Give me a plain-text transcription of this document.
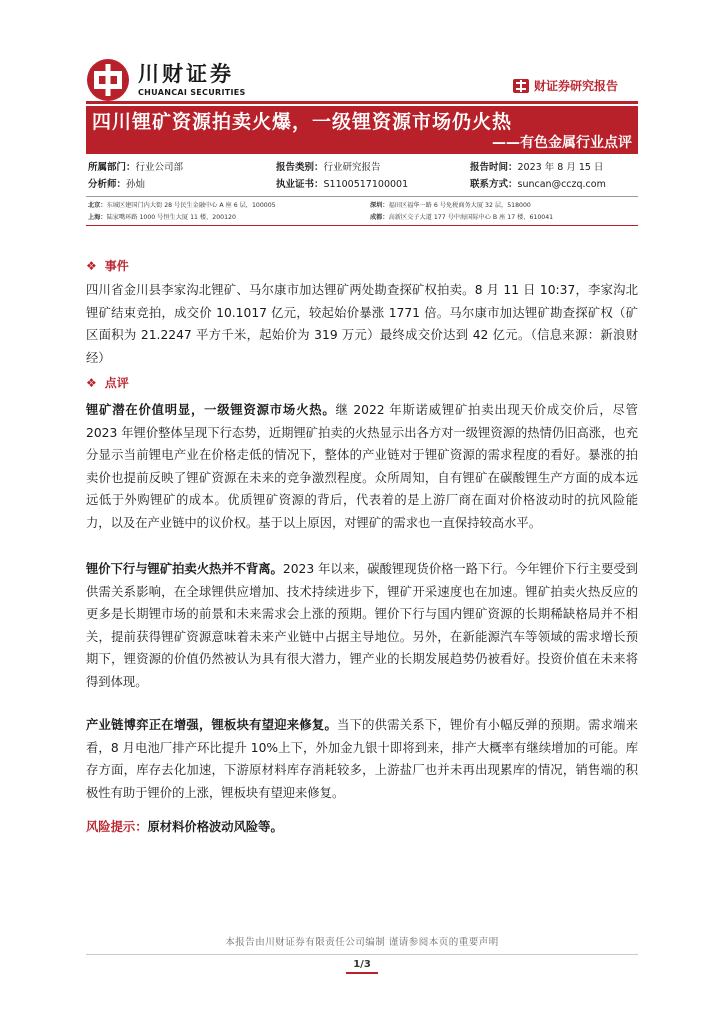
川财证券
CHUANCAI SECURITIES	财证券研究报告
四川锂矿资源拍卖火爆，一级锂资源市场仍火热
——有色金属行业点评
所属部门：行业公司部	报告类别：行业研究报告	报告时间：2023 年 8 月 15 日
分析师：孙灿	执业证书：S1100517100001	联系方式：suncan@cczq.com
北京：东城区建国门内大街 28 号民生金融中心 A 座 6 层，100005	深圳：福田区福华一路 6 号免税商务大厦 32 层，518000
上海：陆家嘴环路 1000 号恒生大厦 11 楼，200120	成都：高新区交子大道 177 号中海国际中心 B 座 17 楼，610041
❖ 事件

四川省金川县李家沟北锂矿、马尔康市加达锂矿两处勘查探矿权拍卖。8 月 11 日 10:37，李家沟北锂矿结束竞拍，成交价 10.1017 亿元，较起始价暴涨 1771 倍。马尔康市加达锂矿勘查探矿权（矿区面积为 21.2247 平方千米，起始价为 319 万元）最终成交价达到 42 亿元。（信息来源：新浪财经）

❖ 点评

锂矿潜在价值明显，一级锂资源市场火热。继 2022 年斯诺威锂矿拍卖出现天价成交价后，尽管 2023 年锂价整体呈现下行态势，近期锂矿拍卖的火热显示出各方对一级锂资源的热情仍旧高涨，也充分显示当前锂电产业在价格走低的情况下，整体的产业链对于锂矿资源的需求程度的看好。暴涨的拍卖价也提前反映了锂矿资源在未来的竞争激烈程度。众所周知，自有锂矿在碳酸锂生产方面的成本远远低于外购锂矿的成本。优质锂矿资源的背后，代表着的是上游厂商在面对价格波动时的抗风险能力，以及在产业链中的议价权。基于以上原因，对锂矿的需求也一直保持较高水平。

锂价下行与锂矿拍卖火热并不背离。2023 年以来，碳酸锂现货价格一路下行。今年锂价下行主要受到供需关系影响，在全球锂供应增加、技术持续进步下，锂矿开采速度也在加速。锂矿拍卖火热反应的更多是长期锂市场的前景和未来需求会上涨的预期。锂价下行与国内锂矿资源的长期稀缺格局并不相关，提前获得锂矿资源意味着未来产业链中占据主导地位。另外，在新能源汽车等领域的需求增长预期下，锂资源的价值仍然被认为具有很大潜力，锂产业的长期发展趋势仍被看好。投资价值在未来将得到体现。

产业链博弈正在增强，锂板块有望迎来修复。当下的供需关系下，锂价有小幅反弹的预期。需求端来看，8 月电池厂排产环比提升 10%上下，外加金九银十即将到来，排产大概率有继续增加的可能。库存方面，库存去化加速，下游原材料库存消耗较多，上游盐厂也并未再出现累库的情况，销售端的积极性有助于锂价的上涨，锂板块有望迎来修复。

风险提示：原材料价格波动风险等。
本报告由川财证券有限责任公司编制 谨请参阅本页的重要声明
1/3
